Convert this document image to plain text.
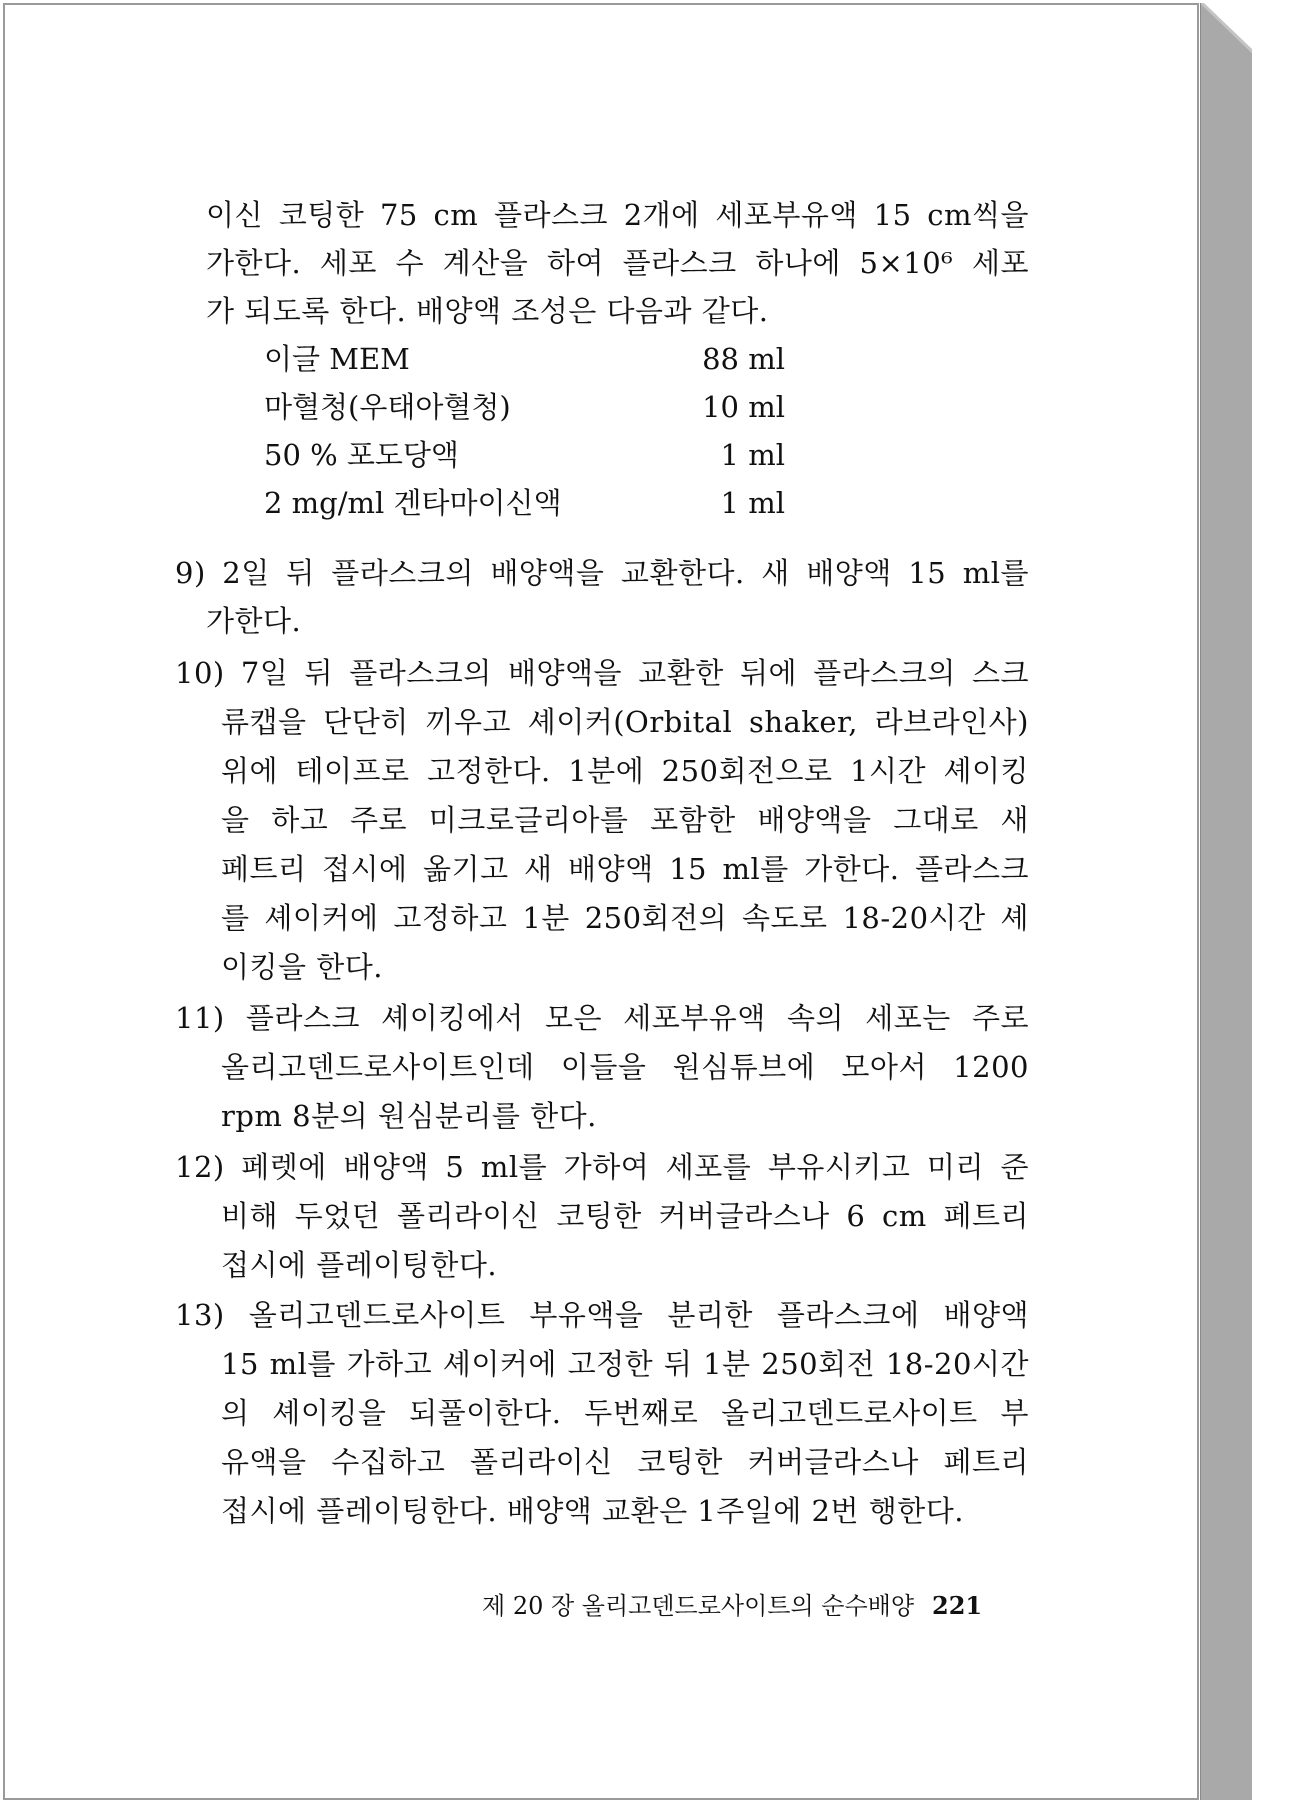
이신 코팅한 75 cm 플라스크 2개에 세포부유액 15 cm씩을
가한다. 세포 수 계산을 하여 플라스크 하나에 5×10⁶ 세포
가 되도록 한다. 배양액 조성은 다음과 같다.
이글 MEM	88 ml
마혈청(우태아혈청)	10 ml
50 % 포도당액	1 ml
2 mg/ml 겐타마이신액	1 ml
9) 2일 뒤 플라스크의 배양액을 교환한다. 새 배양액 15 ml를
가한다.
10) 7일 뒤 플라스크의 배양액을 교환한 뒤에 플라스크의 스크
류캡을 단단히 끼우고 셰이커(Orbital shaker, 라브라인사)
위에 테이프로 고정한다. 1분에 250회전으로 1시간 셰이킹
을 하고 주로 미크로글리아를 포함한 배양액을 그대로 새
페트리 접시에 옮기고 새 배양액 15 ml를 가한다. 플라스크
를 셰이커에 고정하고 1분 250회전의 속도로 18-20시간 셰
이킹을 한다.
11) 플라스크 셰이킹에서 모은 세포부유액 속의 세포는 주로
올리고덴드로사이트인데 이들을 원심튜브에 모아서 1200
rpm 8분의 원심분리를 한다.
12) 페렛에 배양액 5 ml를 가하여 세포를 부유시키고 미리 준
비해 두었던 폴리라이신 코팅한 커버글라스나 6 cm 페트리
접시에 플레이팅한다.
13) 올리고덴드로사이트 부유액을 분리한 플라스크에 배양액
15 ml를 가하고 셰이커에 고정한 뒤 1분 250회전 18-20시간
의 셰이킹을 되풀이한다. 두번째로 올리고덴드로사이트 부
유액을 수집하고 폴리라이신 코팅한 커버글라스나 페트리
접시에 플레이팅한다. 배양액 교환은 1주일에 2번 행한다.
제 20 장 올리고덴드로사이트의 순수배양 221
